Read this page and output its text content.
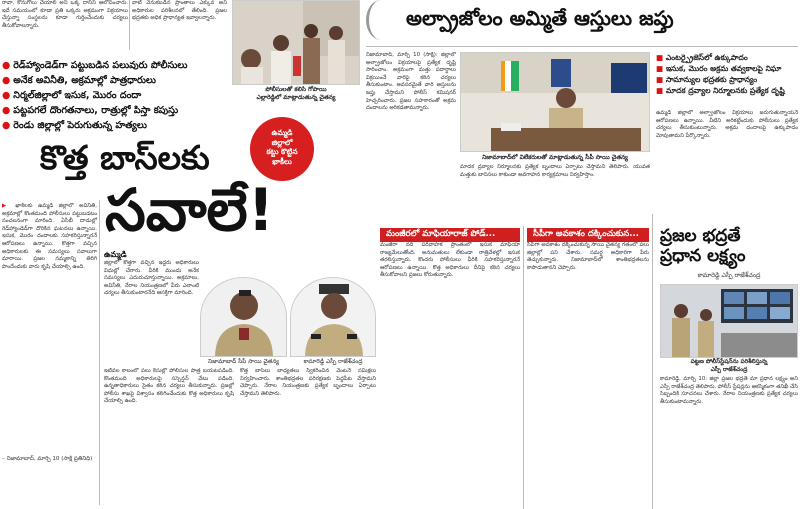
రావా, కొనుగోలు చేయాలి అని ఒక్క దానిని ఆలోచించారు. ఇదే సమయంలో కూడా ప్రతి ఒక్కరు అక్రమంగా విక్రయాలు చేస్తున్నా సంస్థలను కూడా గుర్తించేందుకు చర్యలు తీసుకోవాలన్నారు.
వాటి వెనుకబడిన ప్రాంతాలు ఎక్కువ అని అధికారుల పరిశీలనలో తేలింది. ప్రజల భద్రతకు అధిక ప్రాధాన్యత ఇవ్వాలన్నారు.
● రెడ్‌హ్యాండెడ్‌గా పట్టుబడిన పలువురు పోలీసులు
● అనేక అవినీతి, అక్రమాల్లో పాత్రధారులు
● నిర్మల్‌జిల్లాలో ఇసుక, మొరం దందా
● పట్టపగలే దొంగతనాలు, రాత్రుల్లో పిస్తా కపుస్తు
● రెండు జిల్లాల్లో పెరుగుతున్న హత్యలు
పోలీసులతో కలిసి గోపాయి
ఎల్లారెడ్డిలో మాట్లాడుతున్న చైతన్య
అల్ప్రాజోలం అమ్మితే ఆస్తులు జప్తు
నిజామాబాద్, మార్చి 10 (సాక్షి): జిల్లాలో అల్ప్రాజోలం విక్రయాలపై ప్రత్యేక దృష్టి సారించాం. అక్రమంగా మత్తు పదార్థాలు విక్రయించే వారిపై కఠిన చర్యలు తీసుకుంటాం. అవసరమైతే వారి ఆస్తులను జప్తు చేస్తామని పోలీస్ కమిషనర్ హెచ్చరించారు. ప్రజల సహకారంతో అక్రమ దందాలను అరికడతామన్నారు.
నిజామాబాద్‌లో విలేకరులతో మాట్లాడుతున్న సీపీ సాయి చైతన్య
మాదక ద్రవ్యాల నిర్మూలనకు ప్రత్యేక బృందాలు ఏర్పాటు చేస్తామని తెలిపారు. యువత మత్తుకు బానిసలు కాకుండా అవగాహన కార్యక్రమాలు నిర్వహిస్తాం.
■ ఎంటర్ప్రైజెస్‌లో ఉక్కుపాదం
■ ఇసుక, మొరం అక్రమ తవ్వకాలపై నిఘా
■ సామాన్యుల భద్రతకు ప్రాధాన్యం
■ మాదక ద్రవ్యాల నిర్మూలనకు ప్రత్యేక దృష్టి
ఉమ్మడి జిల్లాలో అల్ప్రాజోలం విక్రయాలు జరుగుతున్నాయనే ఆరోపణలు ఉన్నాయి. వీటిని అరికట్టేందుకు పోలీసులు ప్రత్యేక చర్యలు తీసుకుంటున్నారు. అక్రమ దందాలపై ఉక్కుపాదం మోపుతామని పేర్కొన్నారు.
ఉమ్మడి
జిల్లాలో
కట్టు కొట్టిన
ఖాకీలు
కొత్త బాస్‌లకు
సవాలే!
▶ ఖాకీలకు ఉమ్మడి జిల్లాలో అవినీతి, అక్రమాల్లో కొంతమంది పోలీసులు పట్టుబడటం సంచలనంగా మారింది. ఏసీబీ దాడుల్లో రెడ్‌హ్యాండెడ్‌గా దొరికిన ఘటనలు ఉన్నాయి. ఇసుక, మొరం దందాలకు సహకరిస్తున్నారనే ఆరోపణలు ఉన్నాయి. కొత్తగా వచ్చిన అధికారులకు ఈ సమస్యలు సవాలుగా మారాయి. ప్రజల నమ్మకాన్ని తిరిగి పొందేందుకు వారు కృషి చేయాల్సి ఉంది.
– నిజామాబాద్, మార్చి 10 (సాక్షి ప్రతినిధి)
ఉమ్మడి
జిల్లాలో కొత్తగా వచ్చిన ఇద్దరు అధికారులు విధుల్లో చేరారు. వీరికి ముందు అనేక సమస్యలు ఎదురుచూస్తున్నాయి. అక్రమాలు, అవినీతి, నేరాల నియంత్రణలో వీరు ఎలాంటి చర్యలు తీసుకుంటారనేది ఆసక్తిగా మారింది.
నిజామాబాద్ సీపీ సాయి చైతన్య	కామారెడ్డి ఎస్పీ రాజేశ్‌చంద్ర
ఇటీవల కాలంలో పలు కేసుల్లో పోలీసుల పాత్ర బయటపడింది. కొంతమంది అధికారులపై సస్పెన్షన్ వేటు పడింది. ఉన్నతాధికారులు సైతం కఠిన చర్యలు తీసుకున్నారు. ప్రజల్లో పోలీసు శాఖపై విశ్వాసం కలిగించేందుకు కొత్త అధికారులు కృషి చేయాల్సి ఉంది.
కొత్త బాస్‌లు బాధ్యతలు స్వీకరించిన వెంటనే సమీక్షలు నిర్వహించారు. శాంతిభద్రతల పరిరక్షణకు పెద్దపీట వేస్తామని చెప్పారు. నేరాల నియంత్రణకు ప్రత్యేక బృందాలు ఏర్పాటు చేస్తామని తెలిపారు.
మంజీరలో మాఫియారాజ్ పోడ్...
మంజీరా నది పరివాహక ప్రాంతంలో ఇసుక మాఫియా రాజ్యమేలుతోంది. అనుమతులు లేకుండా రాత్రివేళల్లో ఇసుక తరలిస్తున్నారు. కొందరు పోలీసులు వీరికి సహకరిస్తున్నారనే ఆరోపణలు ఉన్నాయి. కొత్త అధికారులు దీనిపై కఠిన చర్యలు తీసుకోవాలని ప్రజలు కోరుతున్నారు.
సీపీగా అవకాశం దక్కించుకున...
సీపీగా అవకాశం దక్కించుకున్న సాయి చైతన్య గతంలో పలు జిల్లాల్లో పని చేశారు. సమర్థ అధికారిగా పేరు తెచ్చుకున్నారు. నిజామాబాద్‌లో శాంతిభద్రతలను కాపాడుతానని చెప్పారు.
ప్రజల భద్రతే
ప్రధాన లక్ష్యం
కామారెడ్డి ఎస్పీ రాజేశ్‌చంద్ర
పట్టణ పోలీస్‌స్టేషన్‌ను పరిశీలిస్తున్న
ఎస్పీ రాజేశ్‌చంద్ర
కామారెడ్డి, మార్చి 10: జిల్లా ప్రజల భద్రతే మా ప్రధాన లక్ష్యం అని ఎస్పీ రాజేశ్‌చంద్ర తెలిపారు. పోలీస్ స్టేషన్లను ఆకస్మికంగా తనిఖీ చేసి సిబ్బందికి సూచనలు చేశారు. నేరాల నియంత్రణకు ప్రత్యేక చర్యలు తీసుకుంటామన్నారు.
